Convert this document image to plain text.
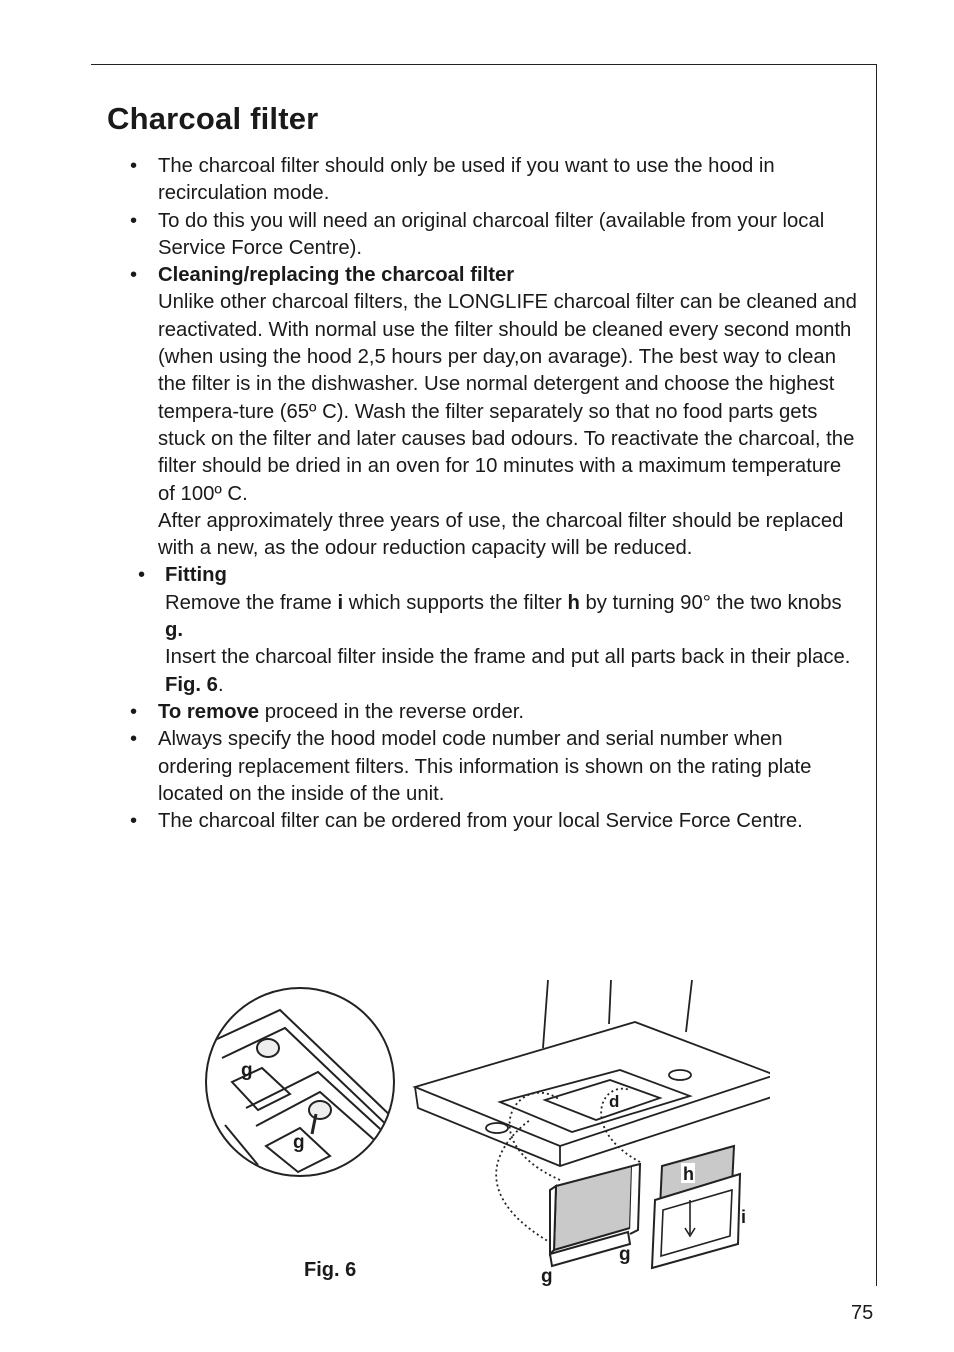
Charcoal filter
• The charcoal filter should only be used if you want to use the hood in recirculation mode.
• To do this you will need an original charcoal filter (available from your local Service Force Centre).
• Cleaning/replacing the charcoal filter

Unlike other charcoal filters, the LONGLIFE charcoal filter can be cleaned and reactivated. With normal use the filter should be cleaned every second month (when using the hood 2,5 hours per day,on avarage). The best way to clean the filter is in the dishwasher. Use normal detergent and choose the highest tempera-ture (65º C). Wash the filter separately so that no food parts gets stuck on the filter and later causes bad odours. To reactivate the charcoal, the filter should be dried in an oven for 10 minutes with a maximum temperature of 100º C.

After approximately three years of use, the charcoal filter should be replaced with a new, as the odour reduction capacity will be reduced.

• Fitting

Remove the frame i which supports the filter h by turning 90° the two knobs g.

Insert the charcoal filter inside the frame and put all parts back in their place. Fig. 6.

• To remove proceed in the reverse order.
• Always specify the hood model code number and serial number when ordering replacement filters. This information is shown on the rating plate located on the inside of the unit.
• The charcoal filter can be ordered from your local Service Force Centre.
g
g
d
h
i
g
g
Fig. 6
75
